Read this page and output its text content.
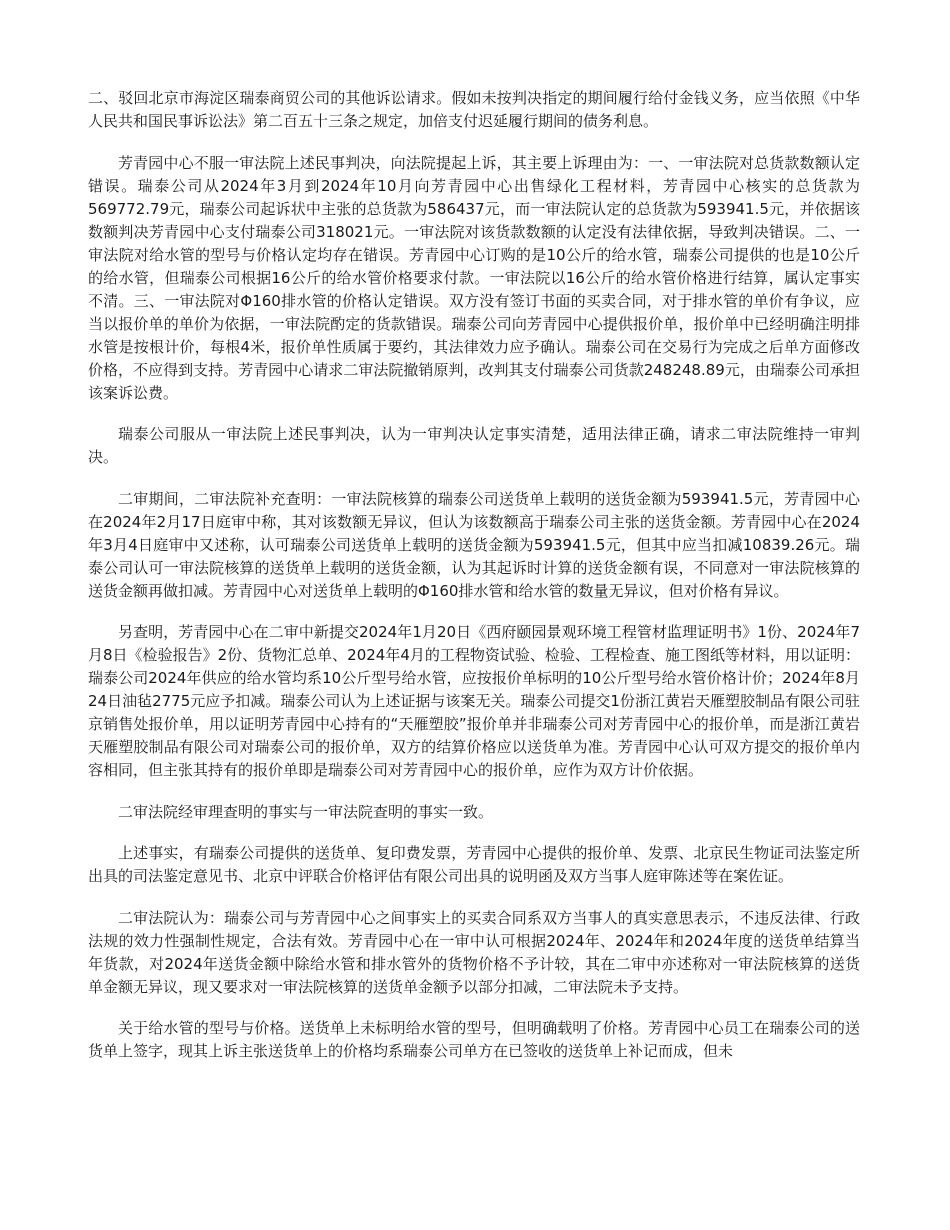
二、驳回北京市海淀区瑞泰商贸公司的其他诉讼请求。假如未按判决指定的期间履行给付金钱义务，应当依照《中华人民共和国民事诉讼法》第二百五十三条之规定，加倍支付迟延履行期间的债务利息。

芳青园中心不服一审法院上述民事判决，向法院提起上诉，其主要上诉理由为：一、一审法院对总货款数额认定错误。瑞泰公司从2024年3月到2024年10月向芳青园中心出售绿化工程材料，芳青园中心核实的总货款为569772.79元，瑞泰公司起诉状中主张的总货款为586437元，而一审法院认定的总货款为593941.5元，并依据该数额判决芳青园中心支付瑞泰公司318021元。一审法院对该货款数额的认定没有法律依据，导致判决错误。二、一审法院对给水管的型号与价格认定均存在错误。芳青园中心订购的是10公斤的给水管，瑞泰公司提供的也是10公斤的给水管，但瑞泰公司根据16公斤的给水管价格要求付款。一审法院以16公斤的给水管价格进行结算，属认定事实不清。三、一审法院对Φ160排水管的价格认定错误。双方没有签订书面的买卖合同，对于排水管的单价有争议，应当以报价单的单价为依据，一审法院酌定的货款错误。瑞泰公司向芳青园中心提供报价单，报价单中已经明确注明排水管是按根计价，每根4米，报价单性质属于要约，其法律效力应予确认。瑞泰公司在交易行为完成之后单方面修改价格，不应得到支持。芳青园中心请求二审法院撤销原判，改判其支付瑞泰公司货款248248.89元，由瑞泰公司承担该案诉讼费。

瑞泰公司服从一审法院上述民事判决，认为一审判决认定事实清楚，适用法律正确，请求二审法院维持一审判决。

二审期间，二审法院补充查明：一审法院核算的瑞泰公司送货单上载明的送货金额为593941.5元，芳青园中心在2024年2月17日庭审中称，其对该数额无异议，但认为该数额高于瑞泰公司主张的送货金额。芳青园中心在2024年3月4日庭审中又述称，认可瑞泰公司送货单上载明的送货金额为593941.5元，但其中应当扣减10839.26元。瑞泰公司认可一审法院核算的送货单上载明的送货金额，认为其起诉时计算的送货金额有误，不同意对一审法院核算的送货金额再做扣减。芳青园中心对送货单上载明的Φ160排水管和给水管的数量无异议，但对价格有异议。

另查明，芳青园中心在二审中新提交2024年1月20日《西府颐园景观环境工程管材监理证明书》1份、2024年7月8日《检验报告》2份、货物汇总单、2024年4月的工程物资试验、检验、工程检查、施工图纸等材料，用以证明：瑞泰公司2024年供应的给水管均系10公斤型号给水管，应按报价单标明的10公斤型号给水管价格计价；2024年8月24日油毡2775元应予扣减。瑞泰公司认为上述证据与该案无关。瑞泰公司提交1份浙江黄岩天雁塑胶制品有限公司驻京销售处报价单，用以证明芳青园中心持有的“天雁塑胶”报价单并非瑞泰公司对芳青园中心的报价单，而是浙江黄岩天雁塑胶制品有限公司对瑞泰公司的报价单，双方的结算价格应以送货单为准。芳青园中心认可双方提交的报价单内容相同，但主张其持有的报价单即是瑞泰公司对芳青园中心的报价单，应作为双方计价依据。

二审法院经审理查明的事实与一审法院查明的事实一致。

上述事实，有瑞泰公司提供的送货单、复印费发票，芳青园中心提供的报价单、发票、北京民生物证司法鉴定所出具的司法鉴定意见书、北京中评联合价格评估有限公司出具的说明函及双方当事人庭审陈述等在案佐证。

二审法院认为：瑞泰公司与芳青园中心之间事实上的买卖合同系双方当事人的真实意思表示，不违反法律、行政法规的效力性强制性规定，合法有效。芳青园中心在一审中认可根据2024年、2024年和2024年度的送货单结算当年货款，对2024年送货金额中除给水管和排水管外的货物价格不予计较，其在二审中亦述称对一审法院核算的送货单金额无异议，现又要求对一审法院核算的送货单金额予以部分扣减，二审法院未予支持。

关于给水管的型号与价格。送货单上未标明给水管的型号，但明确载明了价格。芳青园中心员工在瑞泰公司的送货单上签字，现其上诉主张送货单上的价格均系瑞泰公司单方在已签收的送货单上补记而成，但未
